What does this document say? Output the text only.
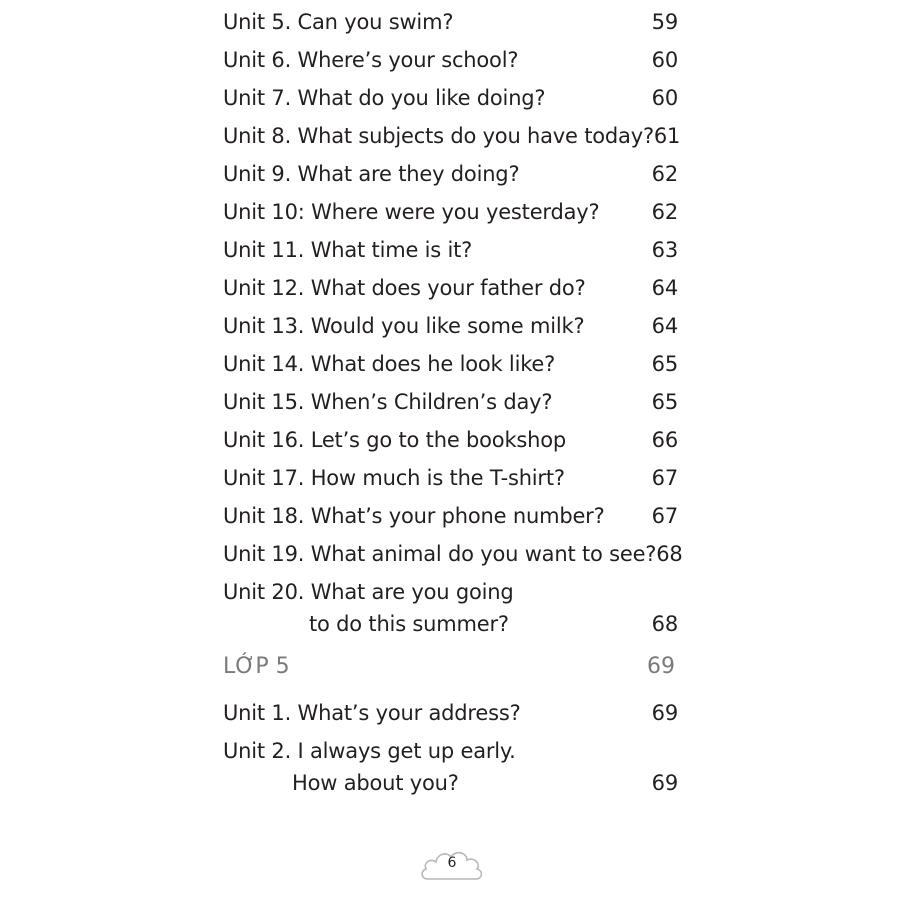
Unit 5. Can you swim?	59
Unit 6. Where’s your school?	60
Unit 7. What do you like doing?	60
Unit 8. What subjects do you have today? 61
Unit 9. What are they doing?	62
Unit 10: Where were you yesterday?	62
Unit 11. What time is it?	63
Unit 12. What does your father do?	64
Unit 13. Would you like some milk?	64
Unit 14. What does he look like?	65
Unit 15. When’s Children’s day?	65
Unit 16. Let’s go to the bookshop	66
Unit 17. How much is the T-shirt?	67
Unit 18. What’s your phone number?	67
Unit 19. What animal do you want to see? 68
Unit 20. What are you going
to do this summer?	68
LỚP 5	69
Unit 1. What’s your address?	69
Unit 2. I always get up early.
How about you?	69
6
